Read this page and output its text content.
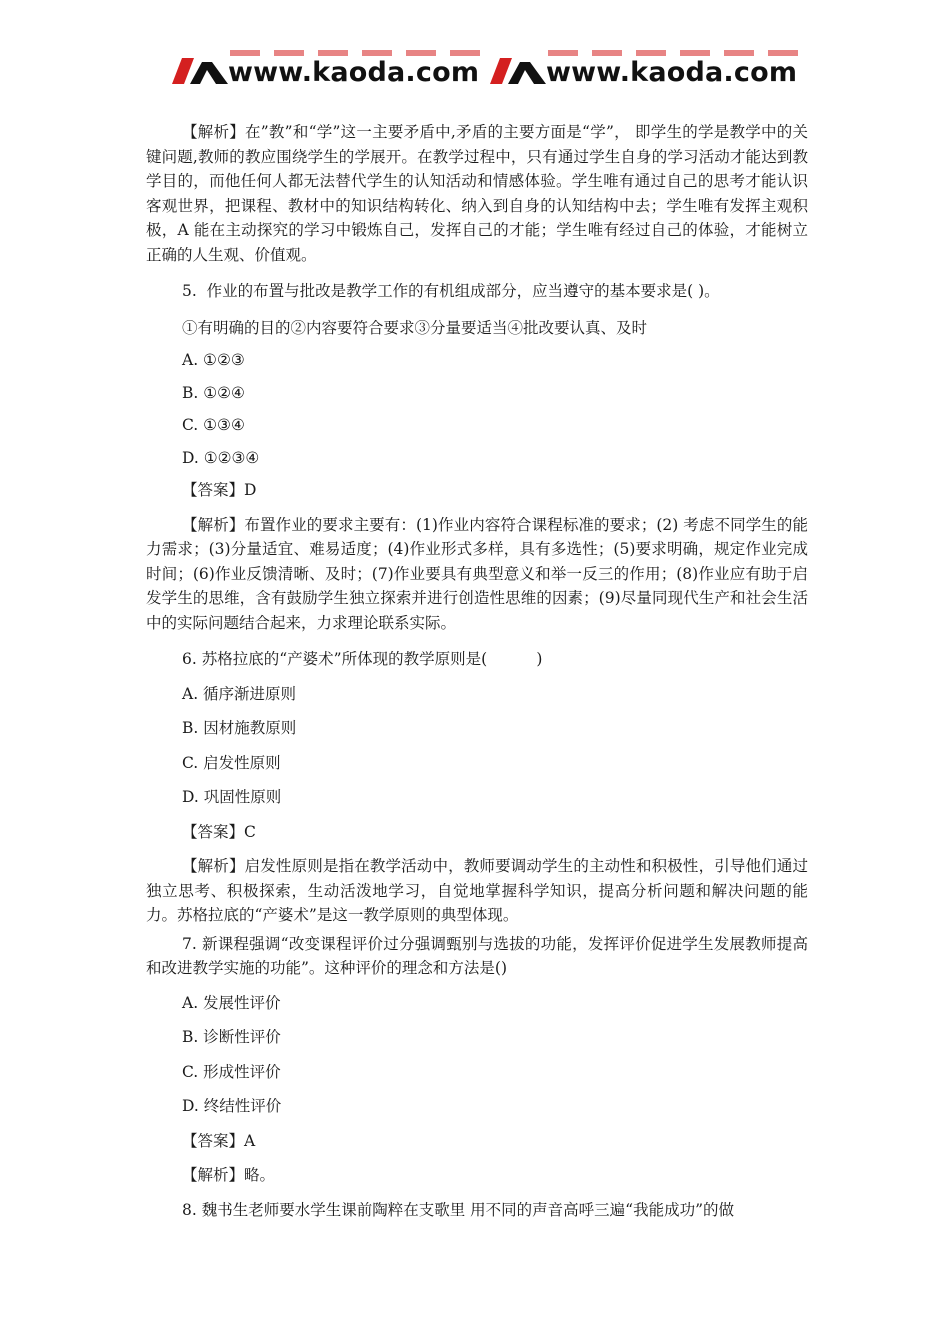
www.kaoda.com www.kaoda.com

【解析】在”教”和“学”这一主要矛盾中,矛盾的主要方面是“学”， 即学生的学是教学中的关键问题,教师的教应围绕学生的学展开。在教学过程中，只有通过学生自身的学习活动才能达到教学目的，而他任何人都无法替代学生的认知活动和情感体验。学生唯有通过自己的思考才能认识客观世界，把课程、教材中的知识结构转化、纳入到自身的认知结构中去；学生唯有发挥主观积极，A 能在主动探究的学习中锻炼自己，发挥自己的才能；学生唯有经过自己的体验，才能树立正确的人生观、价值观。

5.  作业的布置与批改是教学工作的有机组成部分，应当遵守的基本要求是( )。
①有明确的目的②内容要符合要求③分量要适当④批改要认真、及时
A. ①②③
B. ①②④
C. ①③④
D. ①②③④
【答案】D

【解析】布置作业的要求主要有：(1)作业内容符合课程标准的要求；(2) 考虑不同学生的能力需求；(3)分量适宜、难易适度；(4)作业形式多样，具有多选性；(5)要求明确，规定作业完成时间；(6)作业反馈清晰、及时；(7)作业要具有典型意义和举一反三的作用；(8)作业应有助于启发学生的思维，含有鼓励学生独立探索并进行创造性思维的因素；(9)尽量同现代生产和社会生活中的实际问题结合起来，力求理论联系实际。

6. 苏格拉底的“产婆术”所体现的教学原则是(          )
A. 循序渐进原则
B. 因材施教原则
C. 启发性原则
D. 巩固性原则
【答案】C

【解析】启发性原则是指在教学活动中，教师要调动学生的主动性和积极性，引导他们通过独立思考、积极探索，生动活泼地学习，自觉地掌握科学知识，提高分析问题和解决问题的能力。苏格拉底的“产婆术”是这一教学原则的典型体现。

7. 新课程强调“改变课程评价过分强调甄别与选拔的功能，发挥评价促进学生发展教师提高和改进教学实施的功能”。这种评价的理念和方法是()

A. 发展性评价
B. 诊断性评价
C. 形成性评价
D. 终结性评价
【答案】A
【解析】略。
8. 魏书生老师要水学生课前陶粹在支歌里 用不同的声音高呼三遍“我能成功”的做
